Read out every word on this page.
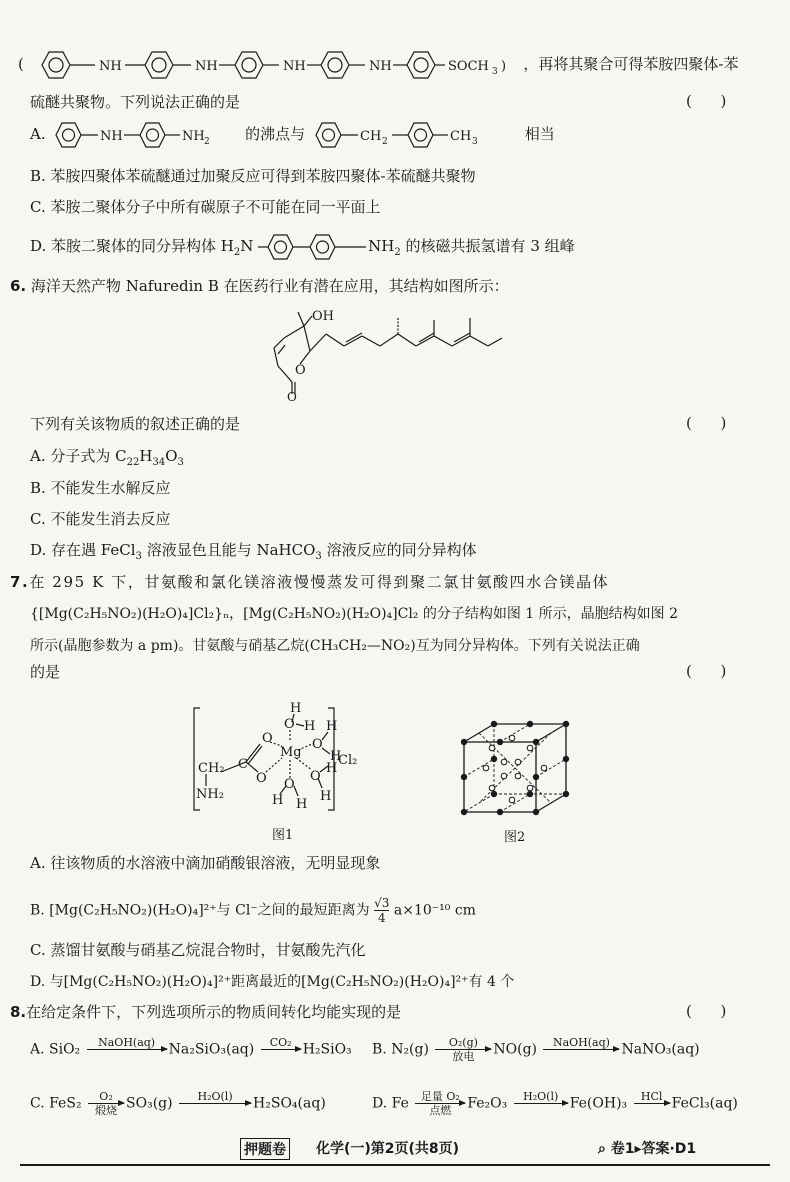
(	NH	NH	NH	NH	SOCH 3 ) ，再将其聚合可得苯胺四聚体-苯
硫醚共聚物。下列说法正确的是	(      )
A.	NH	NH 2 的沸点与	CH 2	CH 3	相当
B. 苯胺四聚体苯硫醚通过加聚反应可得到苯胺四聚体-苯硫醚共聚物
C. 苯胺二聚体分子中所有碳原子不可能在同一平面上
D. 苯胺二聚体的同分异构体 $H_2N$	$NH_2$ 的核磁共振氢谱有 3 组峰
6. 海洋天然产物 Nafuredin B 在医药行业有潜在应用，其结构如图所示：
OH
O
O
下列有关该物质的叙述正确的是	(      )
A. 分子式为 $C_{22}H_{34}O_3$
B. 不能发生水解反应
C. 不能发生消去反应
D. 存在遇 FeCl$_3$ 溶液显色且能与 NaHCO$_3$ 溶液反应的同分异构体
7.在 295 K 下，甘氨酸和氯化镁溶液慢慢蒸发可得到聚二氯甘氨酸四水合镁晶体
{[Mg(C₂H₅NO₂)(H₂O)₄]Cl₂}ₙ，[Mg(C₂H₅NO₂)(H₂O)₄]Cl₂ 的分子结构如图 1 所示，晶胞结构如图 2
所示(晶胞参数为 a pm)。甘氨酸与硝基乙烷(CH₃CH₂—NO₂)互为同分异构体。下列有关说法正确
的是	(      )
CH₂ C
NH₂
Mg
Cl₂
O
O
O
O
O
O
H
H H
H
H
H
H H
图1	图2
A. 往该物质的水溶液中滴加硝酸银溶液，无明显现象
B. [Mg(C₂H₅NO₂)(H₂O)₄]²⁺与 Cl⁻之间的最短距离为 $\frac{√3}{4} a\times 10^{-10}$ cm
C. 蒸馏甘氨酸与硝基乙烷混合物时，甘氨酸先汽化
D. 与[Mg(C₂H₅NO₂)(H₂O)₄]²⁺距离最近的[Mg(C₂H₅NO₂)(H₂O)₄]²⁺有 4 个
8.在给定条件下，下列选项所示的物质间转化均能实现的是	(      )
A. SiO₂	NaOH(aq) Na₂SiO₃(aq)	CO₂ H₂SiO₃ B. N₂(g)	O₂(g)
放电	NO(g)	NaOH(aq) NaNO₃(aq)
C. FeS₂	O₂
煅烧 SO₃(g)	H₂O(l)	H₂SO₄(aq)	D. Fe	足量 O₂
点燃	Fe₂O₃	H₂O(l) Fe(OH)₃	HCl FeCl₃(aq)
押题卷 化学(一)第2页(共8页)	⌕ 卷1▸答案·D1
